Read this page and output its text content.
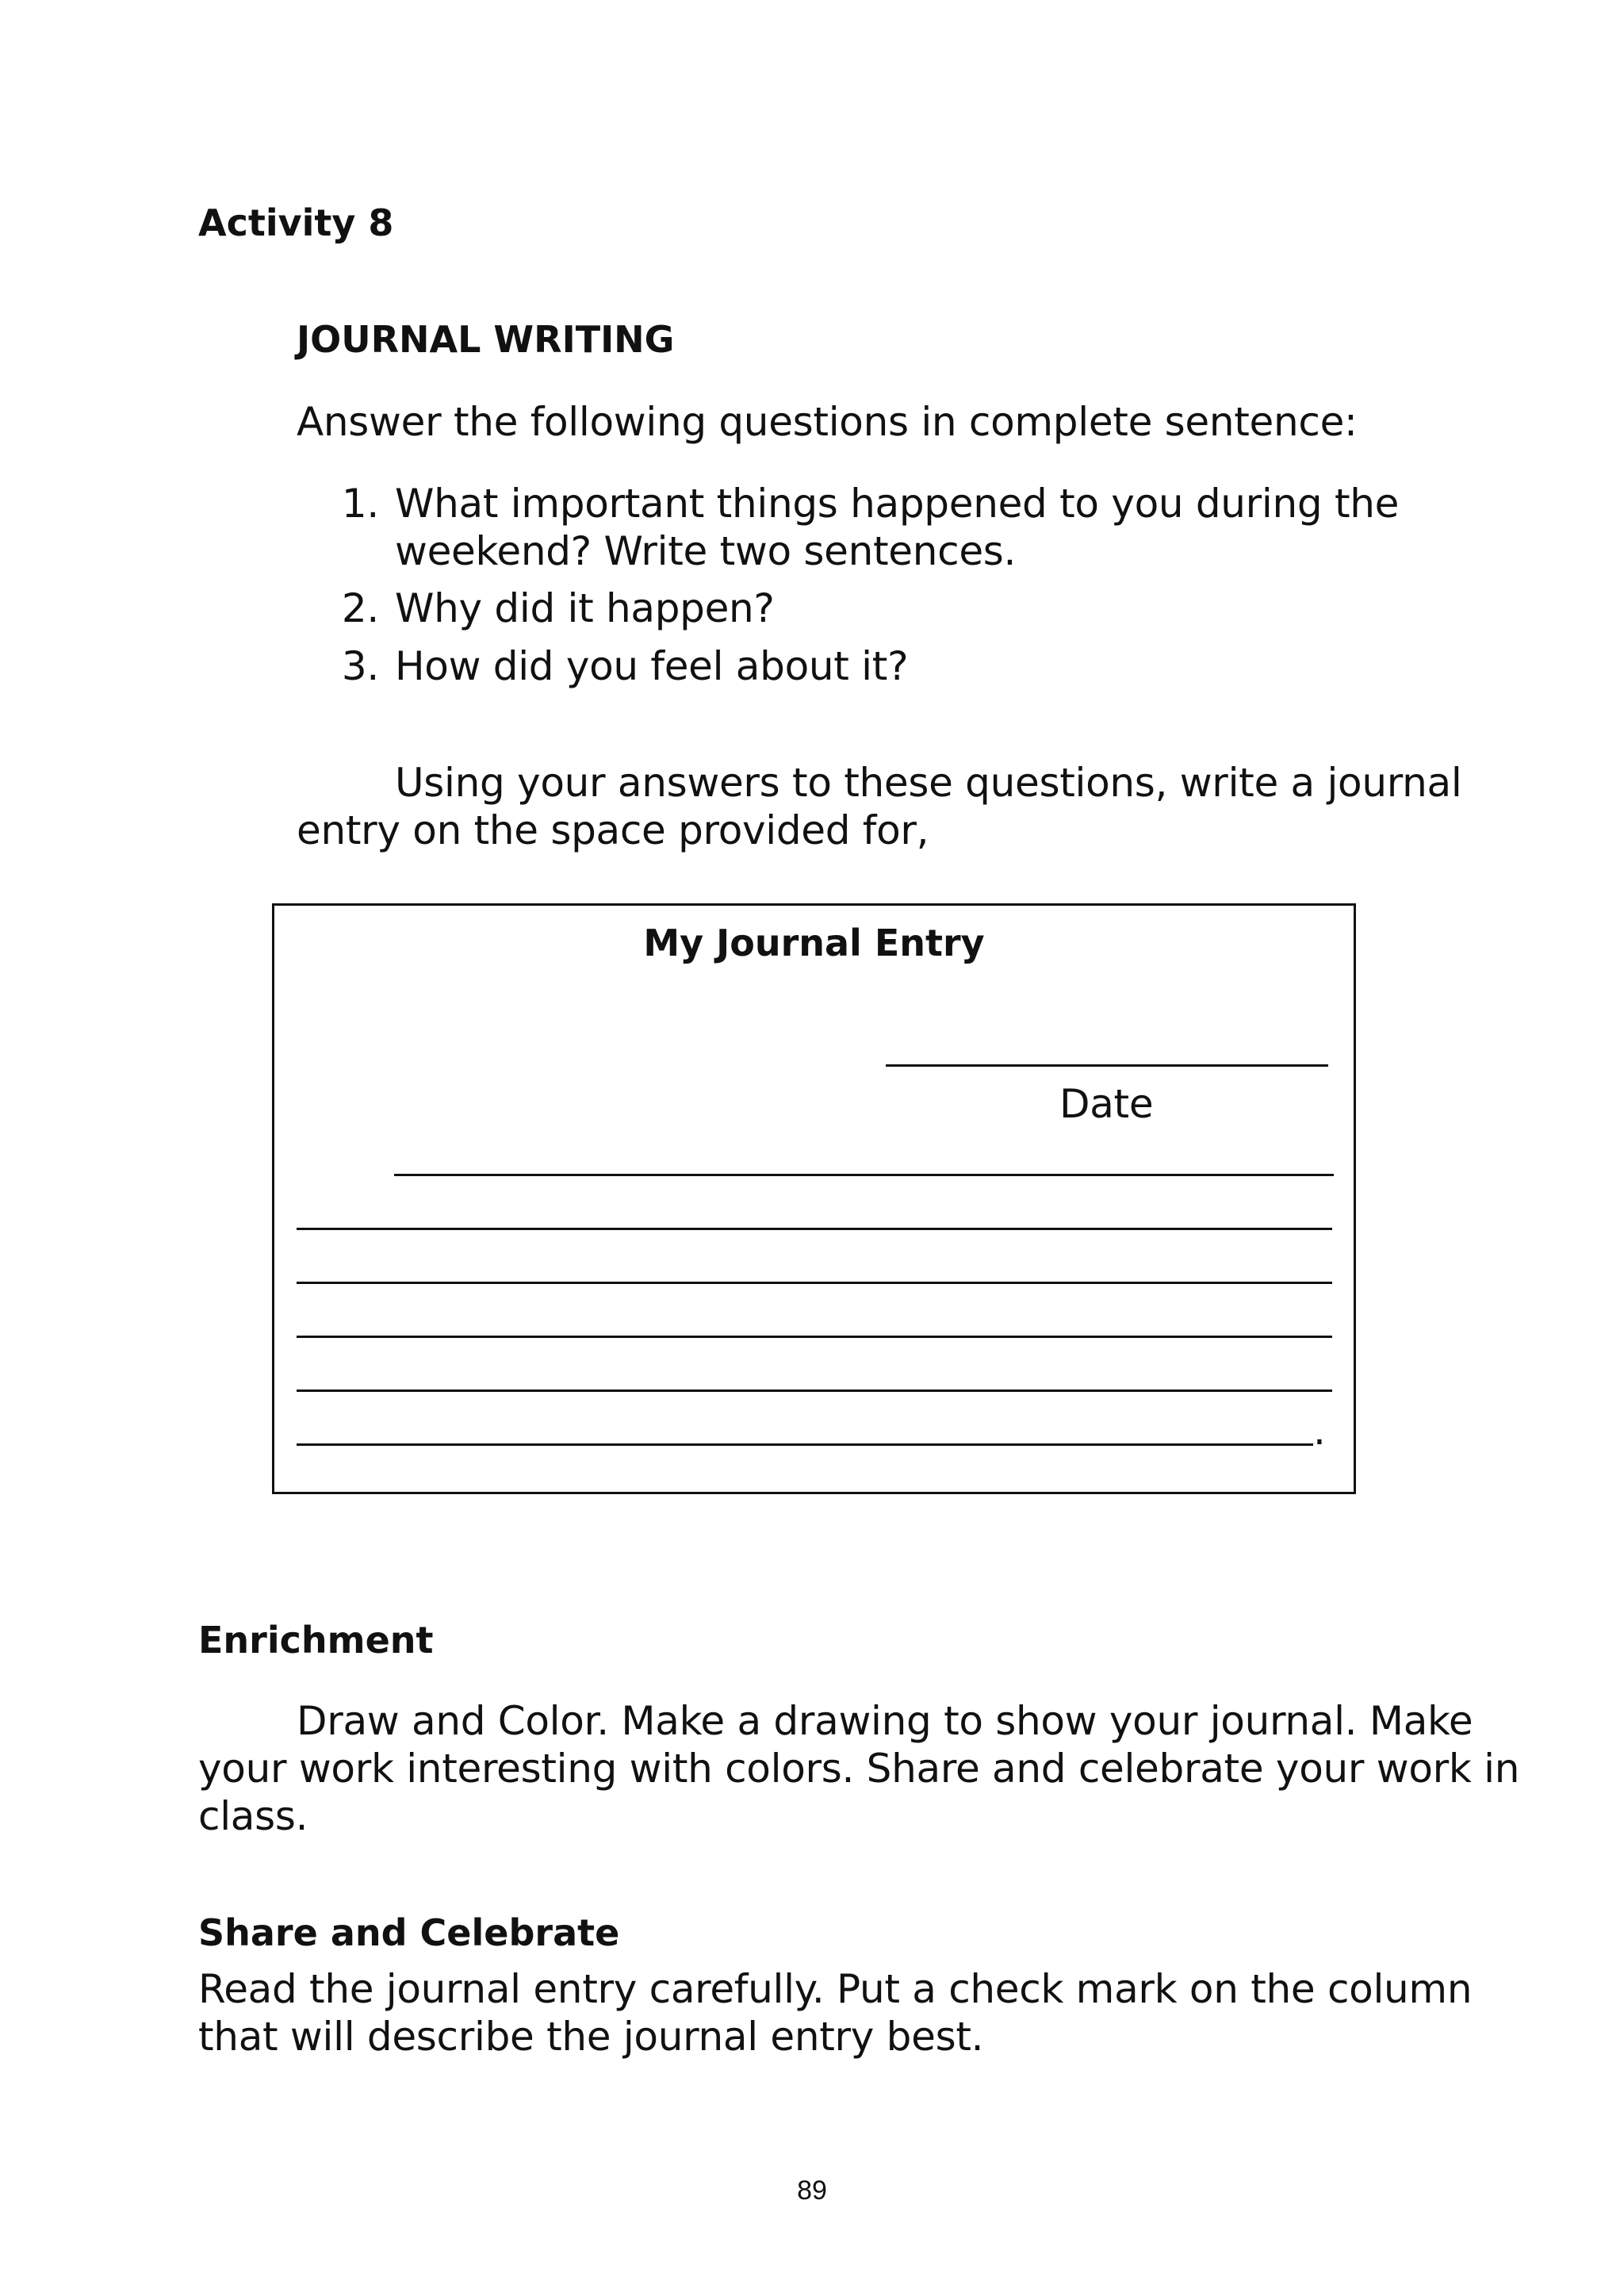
Activity 8
JOURNAL WRITING
Answer the following questions in complete sentence:
1. What important things happened to you during the
weekend? Write two sentences.
2. Why did it happen?
3. How did you feel about it?
Using your answers to these questions, write a journal
entry on the space provided for,
My Journal Entry
Date
.
Enrichment
Draw and Color. Make a drawing to show your journal. Make
your work interesting with colors. Share and celebrate your work in
class.
Share and Celebrate
Read the journal entry carefully. Put a check mark on the column
that will describe the journal entry best.
89
